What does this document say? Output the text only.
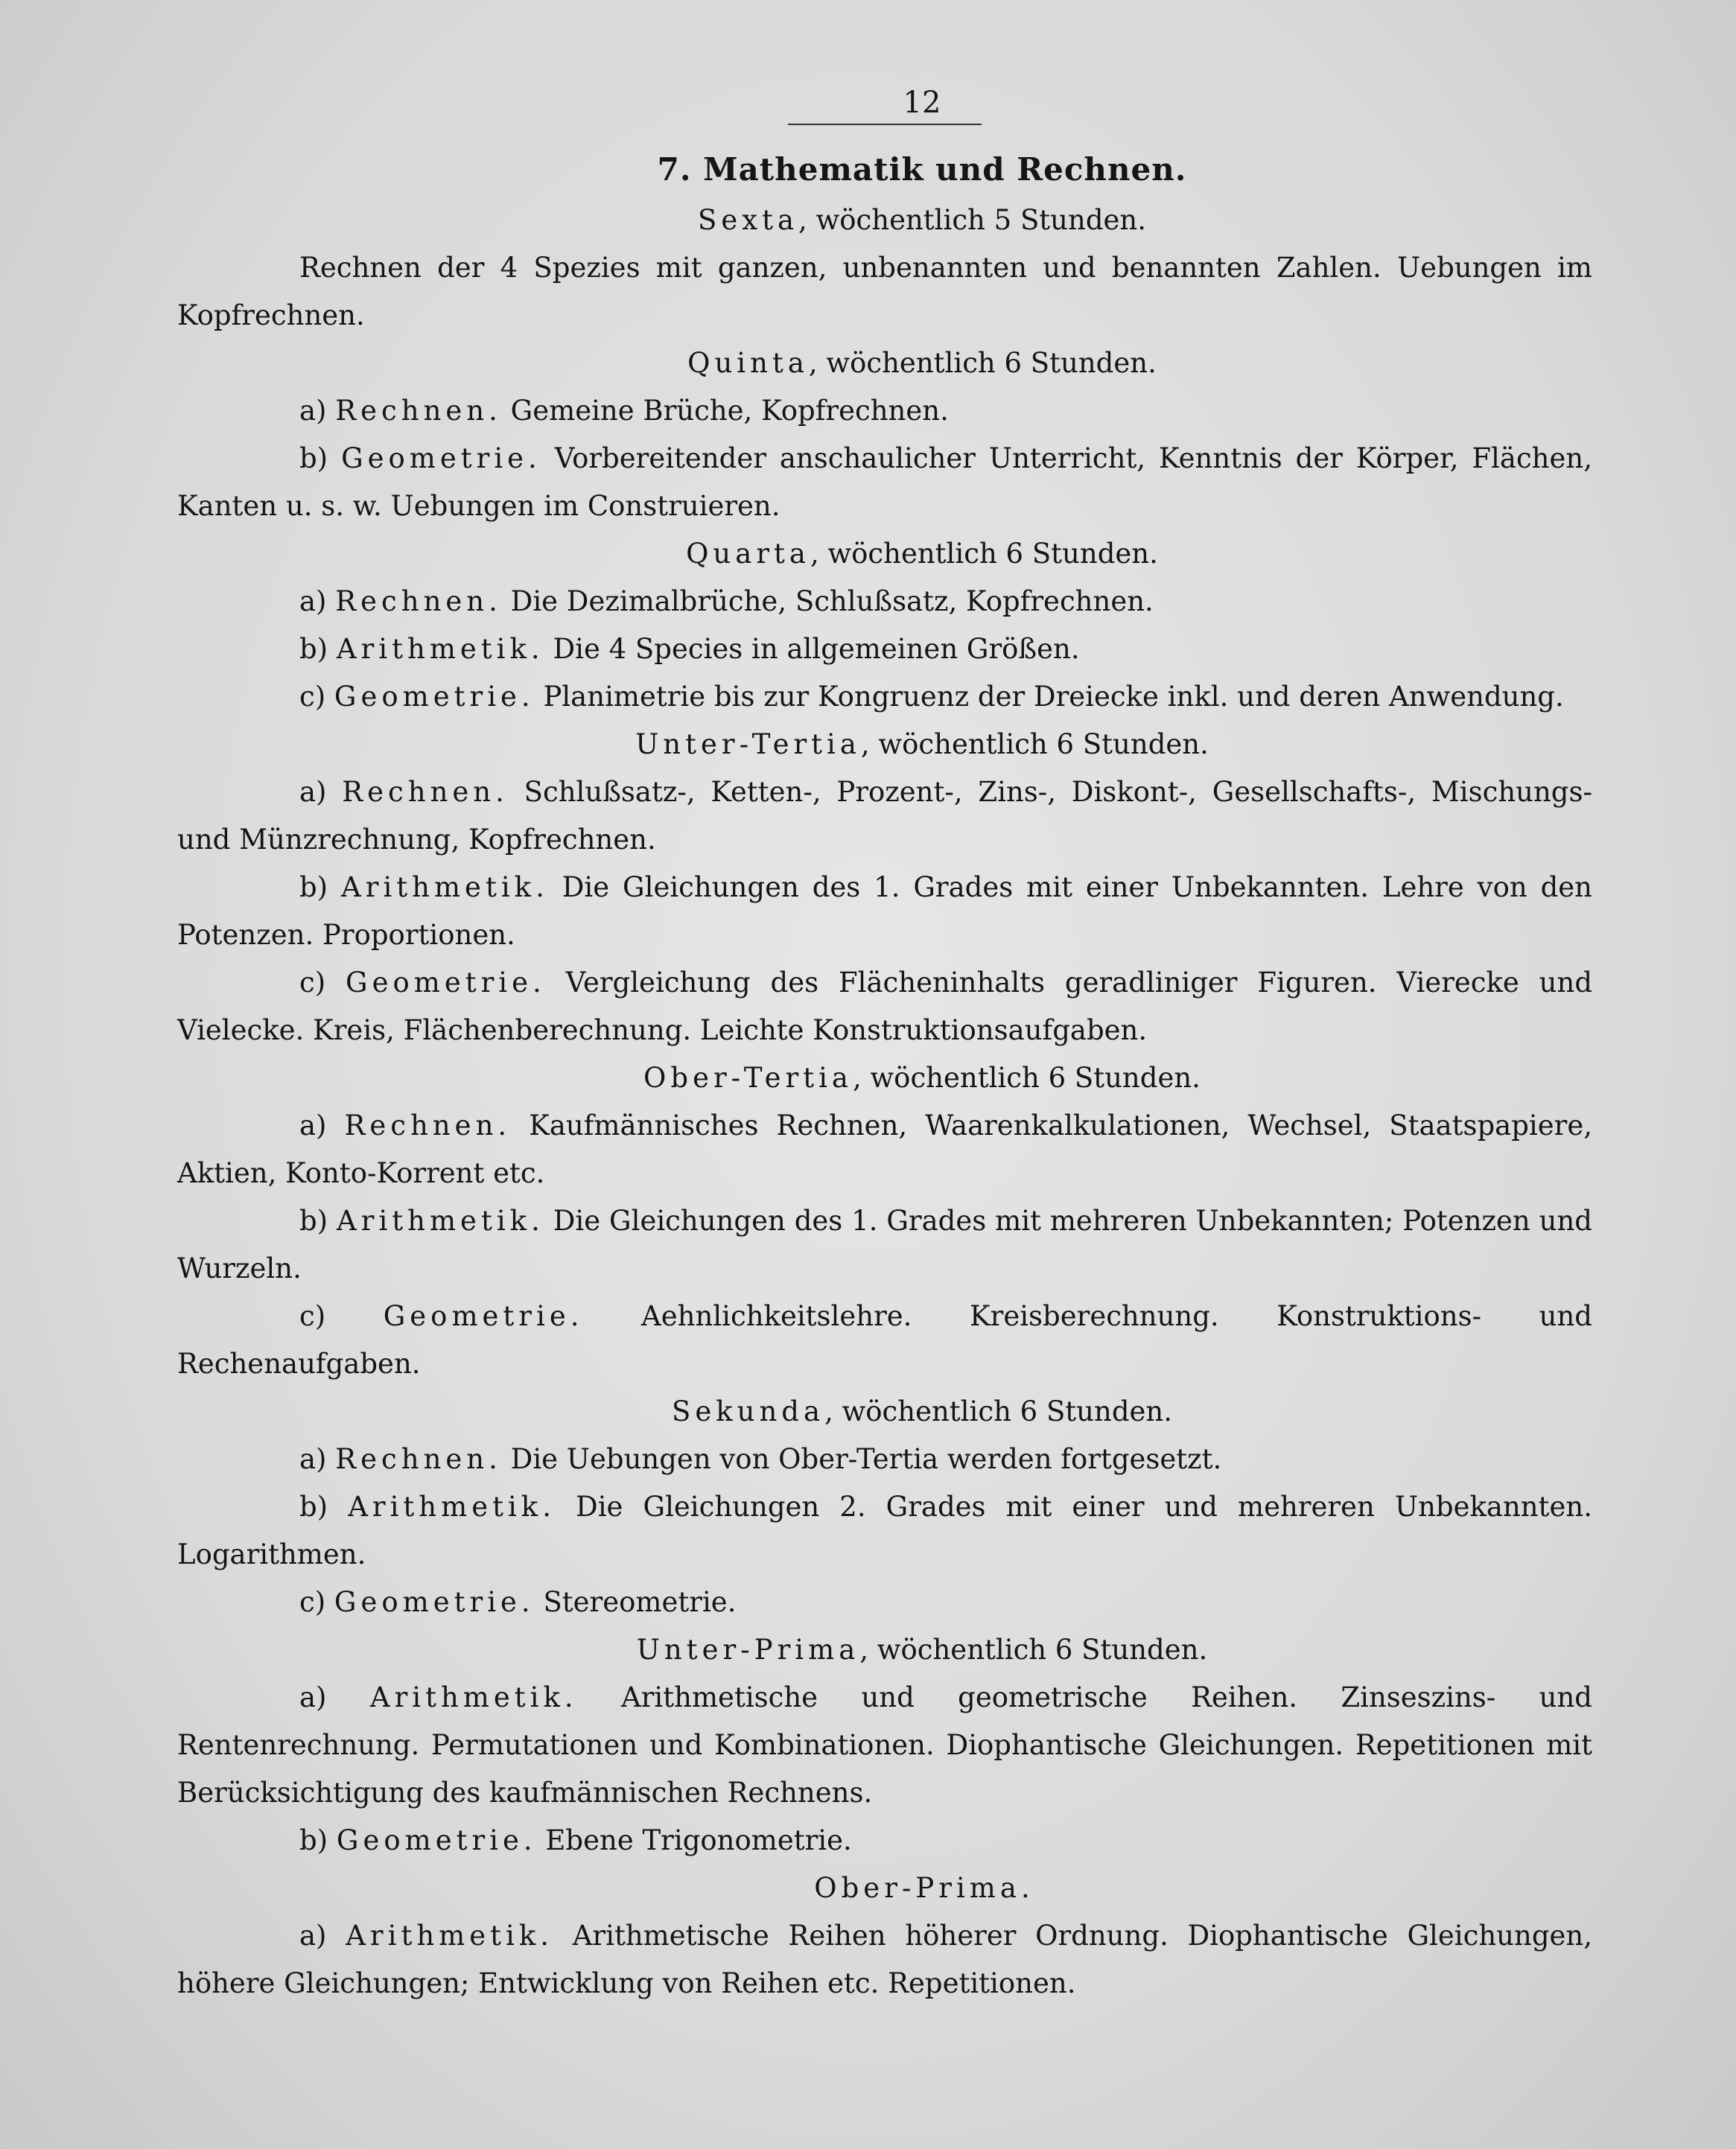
12
7. Mathematik und Rechnen.
Sexta, wöchentlich 5 Stunden.

Rechnen der 4 Spezies mit ganzen, unbenannten und benannten Zahlen. Uebungen im Kopfrechnen.

Quinta, wöchentlich 6 Stunden.

a) Rechnen. Gemeine Brüche, Kopfrechnen.

b) Geometrie. Vorbereitender anschaulicher Unterricht, Kenntnis der Körper, Flächen, Kanten u. s. w. Uebungen im Construieren.

Quarta, wöchentlich 6 Stunden.

a) Rechnen. Die Dezimalbrüche, Schlußsatz, Kopfrechnen.

b) Arithmetik. Die 4 Species in allgemeinen Größen.

c) Geometrie. Planimetrie bis zur Kongruenz der Dreiecke inkl. und deren Anwendung.

Unter-Tertia, wöchentlich 6 Stunden.

a) Rechnen. Schlußsatz-, Ketten-, Prozent-, Zins-, Diskont-, Gesellschafts-, Mischungs- und Münzrechnung, Kopfrechnen.

b) Arithmetik. Die Gleichungen des 1. Grades mit einer Unbekannten. Lehre von den Potenzen. Proportionen.

c) Geometrie. Vergleichung des Flächeninhalts geradliniger Figuren. Vierecke und Vielecke. Kreis, Flächenberechnung. Leichte Konstruktionsaufgaben.

Ober-Tertia, wöchentlich 6 Stunden.

a) Rechnen. Kaufmännisches Rechnen, Waarenkalkulationen, Wechsel, Staatspapiere, Aktien, Konto-Korrent etc.

b) Arithmetik. Die Gleichungen des 1. Grades mit mehreren Unbekannten; Potenzen und Wurzeln.

c) Geometrie. Aehnlichkeitslehre. Kreisberechnung. Konstruktions- und Rechenaufgaben.

Sekunda, wöchentlich 6 Stunden.

a) Rechnen. Die Uebungen von Ober-Tertia werden fortgesetzt.

b) Arithmetik. Die Gleichungen 2. Grades mit einer und mehreren Unbekannten. Logarithmen.

c) Geometrie. Stereometrie.

Unter-Prima, wöchentlich 6 Stunden.

a) Arithmetik. Arithmetische und geometrische Reihen. Zinseszins- und Rentenrechnung. Permutationen und Kombinationen. Diophantische Gleichungen. Repetitionen mit Berücksichtigung des kaufmännischen Rechnens.

b) Geometrie. Ebene Trigonometrie.

Ober-Prima.

a) Arithmetik. Arithmetische Reihen höherer Ordnung. Diophantische Gleichungen, höhere Gleichungen; Entwicklung von Reihen etc. Repetitionen.
